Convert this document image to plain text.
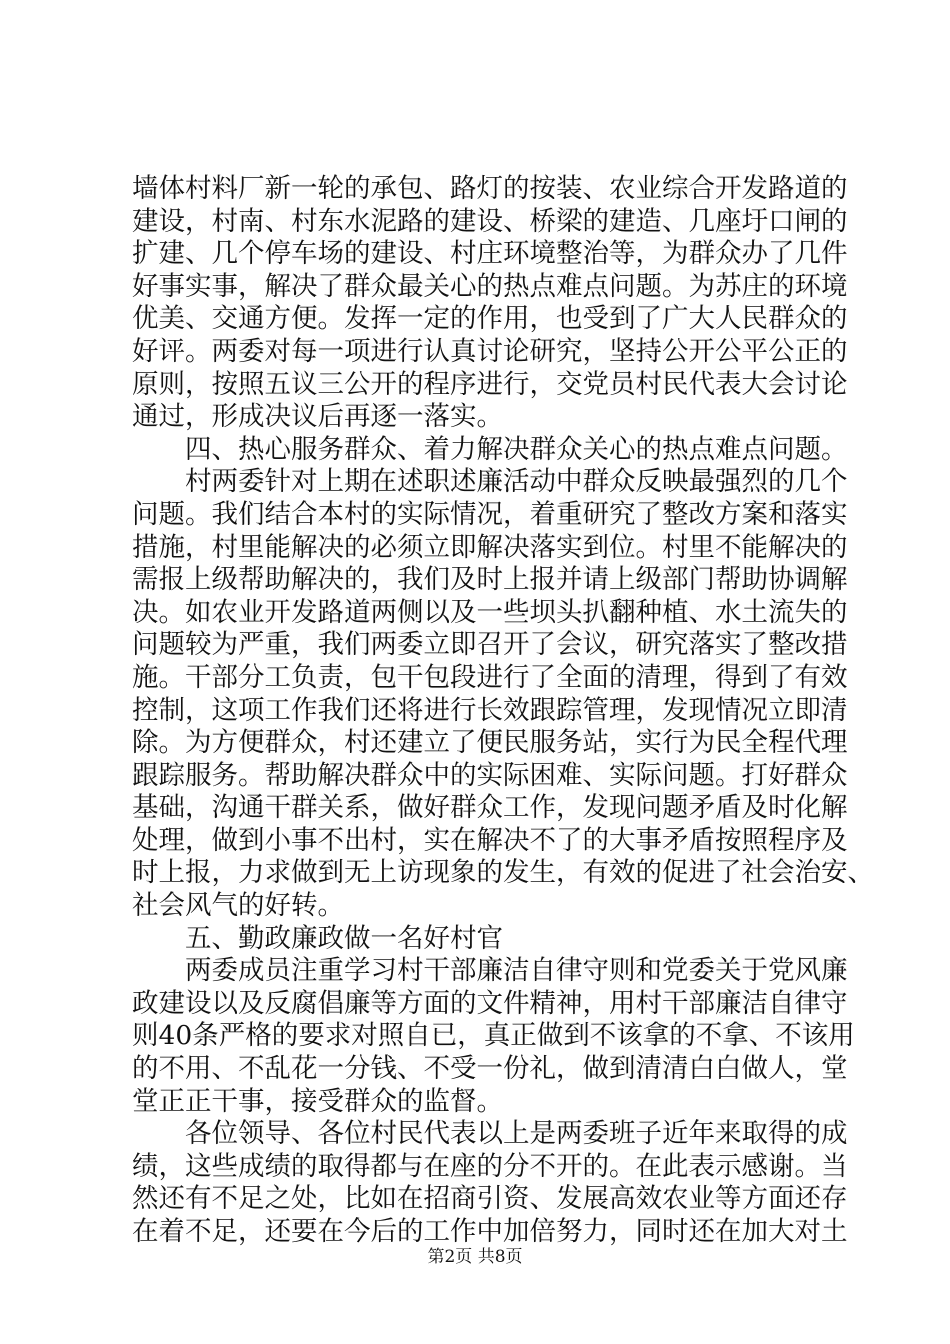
墙体村料厂新一轮的承包、路灯的按装、农业综合开发路道的
建设，村南、村东水泥路的建设、桥梁的建造、几座圩口闸的
扩建、几个停车场的建设、村庄环境整治等，为群众办了几件
好事实事，解决了群众最关心的热点难点问题。为苏庄的环境
优美、交通方便。发挥一定的作用，也受到了广大人民群众的
好评。两委对每一项进行认真讨论研究，坚持公开公平公正的
原则，按照五议三公开的程序进行，交党员村民代表大会讨论
通过，形成决议后再逐一落实。
四、热心服务群众、着力解决群众关心的热点难点问题。
村两委针对上期在述职述廉活动中群众反映最强烈的几个
问题。我们结合本村的实际情况，着重研究了整改方案和落实
措施，村里能解决的必须立即解决落实到位。村里不能解决的
需报上级帮助解决的，我们及时上报并请上级部门帮助协调解
决。如农业开发路道两侧以及一些坝头扒翻种植、水土流失的
问题较为严重，我们两委立即召开了会议，研究落实了整改措
施。干部分工负责，包干包段进行了全面的清理，得到了有效
控制，这项工作我们还将进行长效跟踪管理，发现情况立即清
除。为方便群众，村还建立了便民服务站，实行为民全程代理
跟踪服务。帮助解决群众中的实际困难、实际问题。打好群众
基础，沟通干群关系，做好群众工作，发现问题矛盾及时化解
处理，做到小事不出村，实在解决不了的大事矛盾按照程序及
时上报，力求做到无上访现象的发生，有效的促进了社会治安、
社会风气的好转。
五、勤政廉政做一名好村官
两委成员注重学习村干部廉洁自律守则和党委关于党风廉
政建设以及反腐倡廉等方面的文件精神，用村干部廉洁自律守
则40条严格的要求对照自已，真正做到不该拿的不拿、不该用
的不用、不乱花一分钱、不受一份礼，做到清清白白做人，堂
堂正正干事，接受群众的监督。
各位领导、各位村民代表以上是两委班子近年来取得的成
绩，这些成绩的取得都与在座的分不开的。在此表示感谢。当
然还有不足之处，比如在招商引资、发展高效农业等方面还存
在着不足，还要在今后的工作中加倍努力，同时还在加大对土
第2页 共8页
